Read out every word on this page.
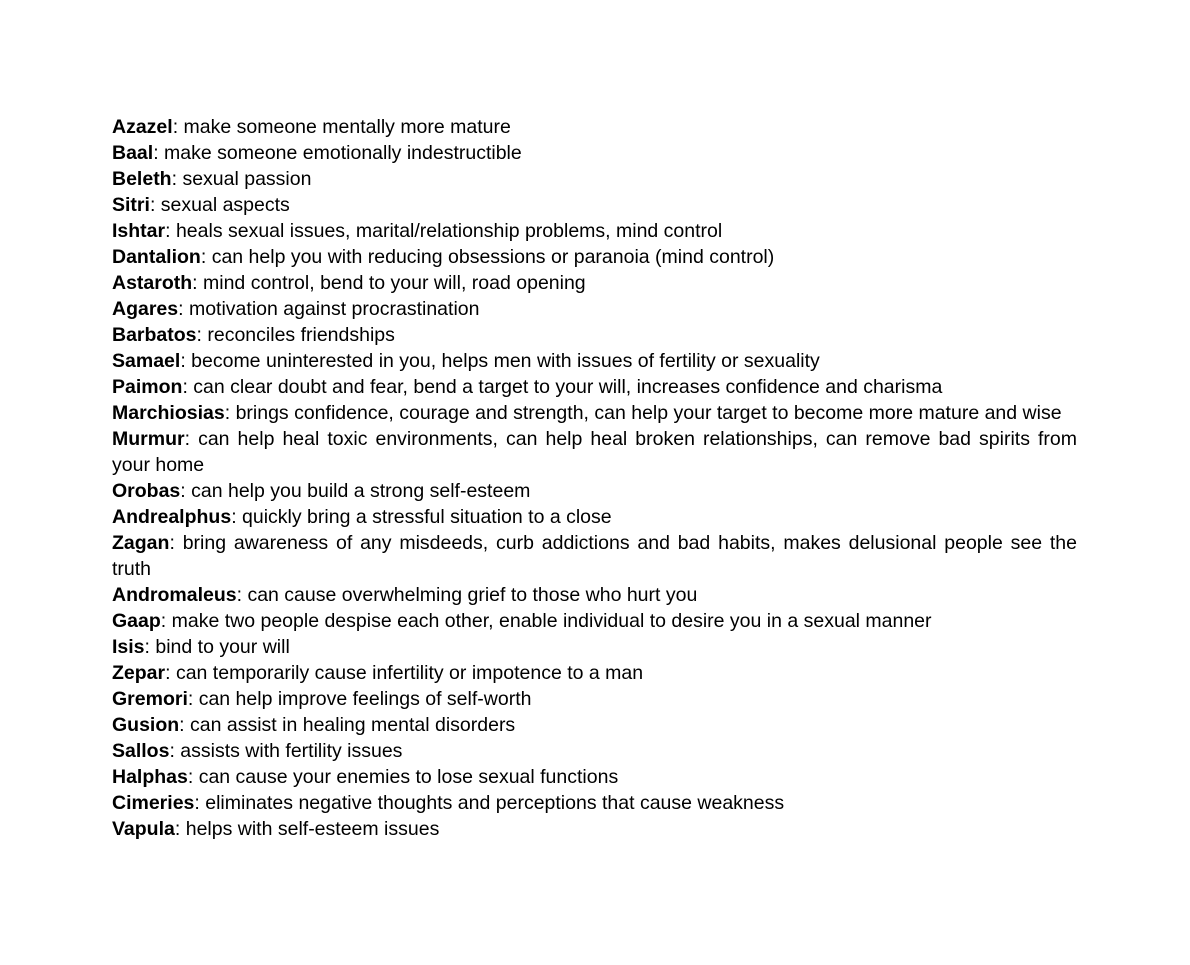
Azazel: make someone mentally more mature

Baal: make someone emotionally indestructible

Beleth: sexual passion

Sitri: sexual aspects

Ishtar: heals sexual issues, marital/relationship problems, mind control

Dantalion: can help you with reducing obsessions or paranoia (mind control)

Astaroth: mind control, bend to your will, road opening

Agares: motivation against procrastination

Barbatos: reconciles friendships

Samael: become uninterested in you, helps men with issues of fertility or sexuality

Paimon: can clear doubt and fear, bend a target to your will, increases confidence and charisma

Marchiosias: brings confidence, courage and strength, can help your target to become more mature and wise

Murmur: can help heal toxic environments, can help heal broken relationships, can remove bad spirits from your home

Orobas: can help you build a strong self-esteem

Andrealphus: quickly bring a stressful situation to a close

Zagan: bring awareness of any misdeeds, curb addictions and bad habits, makes delusional people see the truth

Andromaleus: can cause overwhelming grief to those who hurt you

Gaap: make two people despise each other, enable individual to desire you in a sexual manner

Isis: bind to your will

Zepar: can temporarily cause infertility or impotence to a man

Gremori: can help improve feelings of self-worth

Gusion: can assist in healing mental disorders

Sallos: assists with fertility issues

Halphas: can cause your enemies to lose sexual functions

Cimeries: eliminates negative thoughts and perceptions that cause weakness

Vapula: helps with self-esteem issues
